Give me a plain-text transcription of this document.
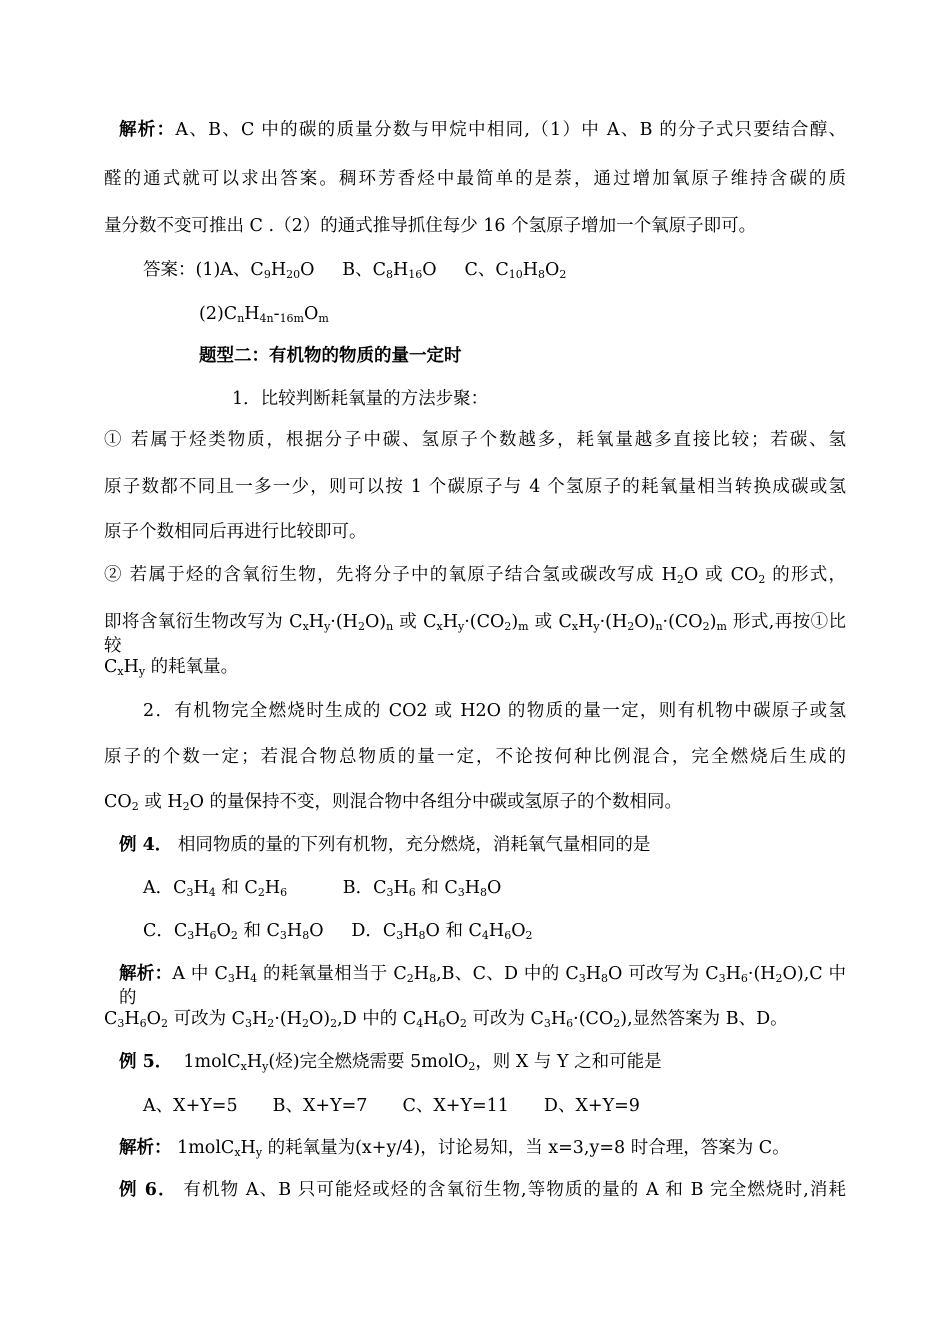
解析：A、B、C 中的碳的质量分数与甲烷中相同,（1）中 A、B 的分子式只要结合醇、
醛的通式就可以求出答案。稠环芳香烃中最简单的是萘，通过增加氧原子维持含碳的质
量分数不变可推出 C .（2）的通式推导抓住每少 16 个氢原子增加一个氧原子即可。
答案：(1)A、$C_9H_{20}O$     B、$C_8H_{16}O$     C、$C_{10}H_8O_2$
$(2)C_nH_{4n}-_{16m}O_m$
题型二：有机物的物质的量一定时
1．比较判断耗氧量的方法步聚：
① 若属于烃类物质，根据分子中碳、氢原子个数越多，耗氧量越多直接比较；若碳、氢
原子数都不同且一多一少，则可以按 1 个碳原子与 4 个氢原子的耗氧量相当转换成碳或氢
原子个数相同后再进行比较即可。
② 若属于烃的含氧衍生物，先将分子中的氧原子结合氢或碳改写成 $H_2O$ 或 $CO_2$ 的形式，
即将含氧衍生物改写为 $C_xH_y\cdot(H_2O)_n$ 或 $C_xH_y\cdot(CO_2)_m$ 或 $C_xH_y\cdot(H_2O)_n\cdot(CO_2)_m$ 形式,再按①比较
$C_xH_y$ 的耗氧量。
2．有机物完全燃烧时生成的 CO2 或 H2O 的物质的量一定，则有机物中碳原子或氢
原子的个数一定；若混合物总物质的量一定，不论按何种比例混合，完全燃烧后生成的
$CO_2$ 或 $H_2O$ 的量保持不变，则混合物中各组分中碳或氢原子的个数相同。
例 4． 相同物质的量的下列有机物，充分燃烧，消耗氧气量相同的是
A．$C_3H_4$ 和 $C_2H_6$          B．$C_3H_6$ 和 $C_3H_8O$
C．$C_3H_6O_2$ 和 $C_3H_8O$     D．$C_3H_8O$ 和 $C_4H_6O_2$
解析：A 中 $C_3H_4$ 的耗氧量相当于 $C_2H_8,B$、C、D 中的 $C_3H_8O$ 可改写为 $C_3H_6\cdot(H_2O),C$ 中的
$C_3H_6O_2$ 可改为 $C_3H_2\cdot(H_2O)_2,D$ 中的 $C_4H_6O_2$ 可改为 $C_3H_6\cdot(CO_2)$,显然答案为 B、D。
例 5．  $1molC_xH_y$(烃)完全燃烧需要 5molO$_2$，则 X 与 Y 之和可能是
A、X+Y=5　　B、X+Y=7　　C、X+Y=11　　D、X+Y=9
解析： $1molC_xH_y$ 的耗氧量为(x+y/4)，讨论易知，当 x=3,y=8 时合理，答案为 C。
例 6． 有机物 A、B 只可能烃或烃的含氧衍生物,等物质的量的 A 和 B 完全燃烧时,消耗
